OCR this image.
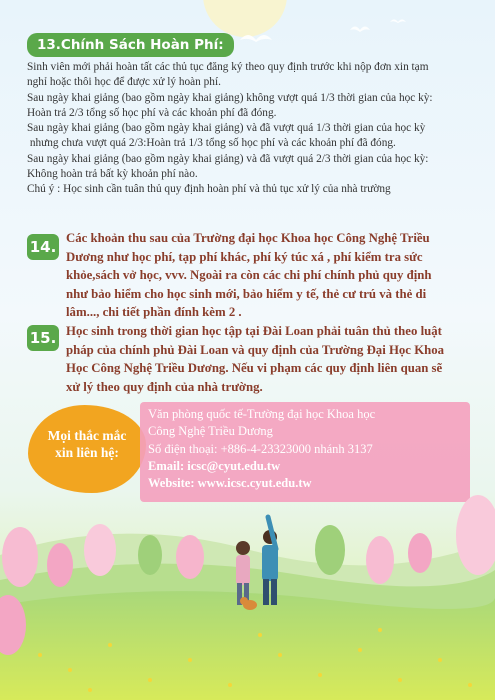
13.Chính Sách Hoàn Phí:

Sinh viên mới phải hoàn tất các thủ tục đăng ký theo quy định trước khi nộp đơn xin tạm

nghỉ hoặc thôi học để được xử lý hoàn phí.

Sau ngày khai giảng (bao gồm ngày khai giảng) không vượt quá 1/3 thời gian của học kỳ:

Hoàn trả 2/3 tổng số học phí và các khoản phí đã đóng.

Sau ngày khai giảng (bao gồm ngày khai giảng) và đã vượt quá 1/3 thời gian của học kỳ

nhưng chưa vượt quá 2/3:Hoàn trả 1/3 tổng số học phí và các khoản phí đã đóng.

Sau ngày khai giảng (bao gồm ngày khai giảng) và đã vượt quá 2/3 thời gian của học kỳ:

Không hoàn trả bất kỳ khoản phí nào.

Chú ý : Học sinh cần tuân thủ quy định hoàn phí và thủ tục xử lý của nhà trường

14. Các khoản thu sau của Trường đại học Khoa học Công Nghệ Triều
Dương như học phí, tạp phí khác, phí ký túc xá , phí kiểm tra sức
khỏe,sách vở học, vvv. Ngoài ra còn các chi phí chính phủ quy định
như bảo hiểm cho học sinh mới, bảo hiểm y tế, thẻ cư trú và thẻ di
lâm..., chi tiết phần đính kèm 2 .
15. Học sinh trong thời gian học tập tại Đài Loan phải tuân thủ theo luật
pháp của chính phủ Đài Loan và quy định của Trường Đại Học Khoa
Học Công Nghệ Triều Dương. Nếu vi phạm các quy định liên quan sẽ
xử lý theo quy định của nhà trường.
Mọi thắc mắc
xin liên hệ:
Văn phòng quốc tế-Trường đại học Khoa học
Công Nghệ Triều Dương
Số điện thoại: +886-4-23323000 nhánh 3137
Email: icsc@cyut.edu.tw
Website: www.icsc.cyut.edu.tw
